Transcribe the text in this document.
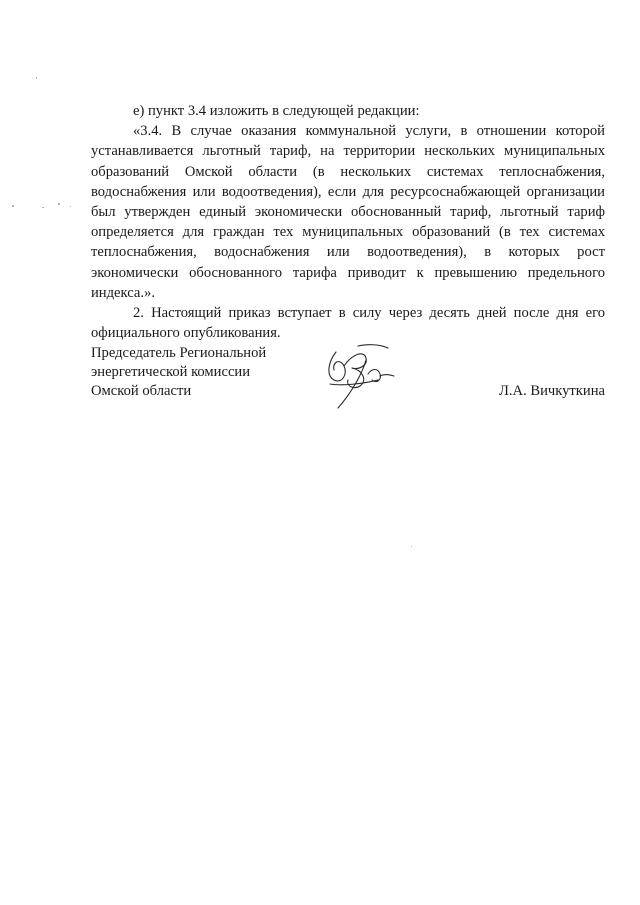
е) пункт 3.4 изложить в следующей редакции:

«3.4. В случае оказания коммунальной услуги, в отношении которой устанавливается льготный тариф, на территории нескольких муниципальных образований Омской области (в нескольких системах теплоснабжения, водоснабжения или водоотведения), если для ресурсоснабжающей организации был утвержден единый экономически обоснованный тариф, льготный тариф определяется для граждан тех муниципальных образований (в тех системах теплоснабжения, водоснабжения или водоотведения), в которых рост экономически обоснованного тарифа приводит к превышению предельного индекса.».

2. Настоящий приказ вступает в силу через десять дней после дня его официального опубликования.

Председатель Региональной
энергетической комиссии
Омской области	Л.А. Вичкуткина
